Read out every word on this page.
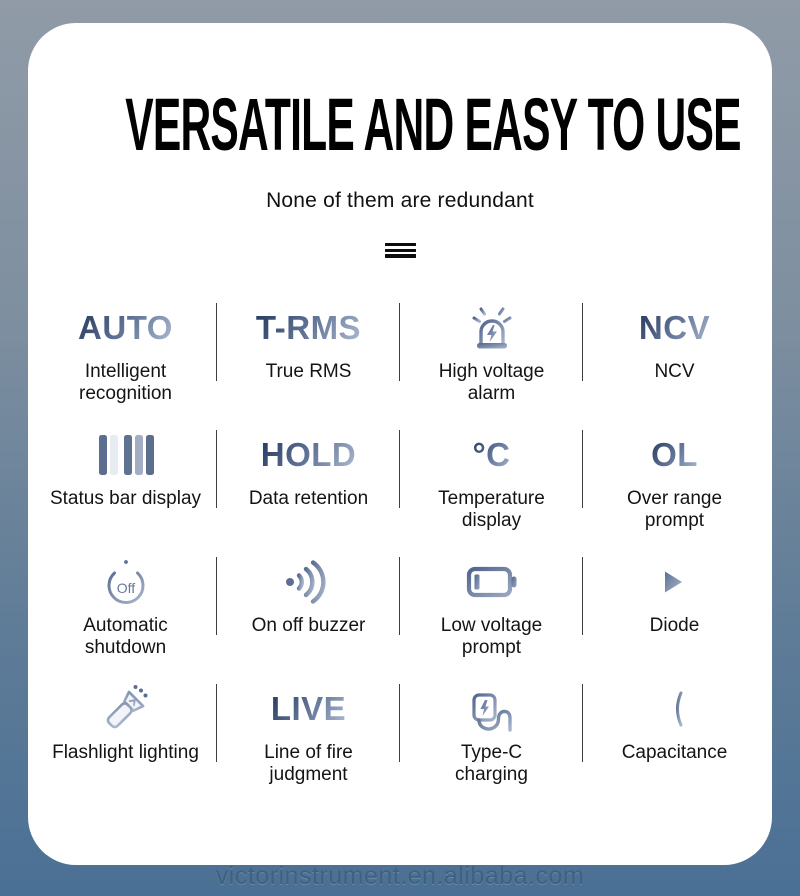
VERSATILE AND EASY TO USE
None of them are redundant
AUTO
Intelligent recognition
T-RMS
True RMS	High voltage alarm
NCV
NCV
Status bar display
HOLD
Data retention
°C
Temperature display
OL
Over range prompt
Off
Automatic shutdown
On off buzzer	Low voltage prompt
Diode
Flashlight lighting
LIVE
Line of fire judgment
Type-C charging
Capacitance
victorinstrument.en.alibaba.com
